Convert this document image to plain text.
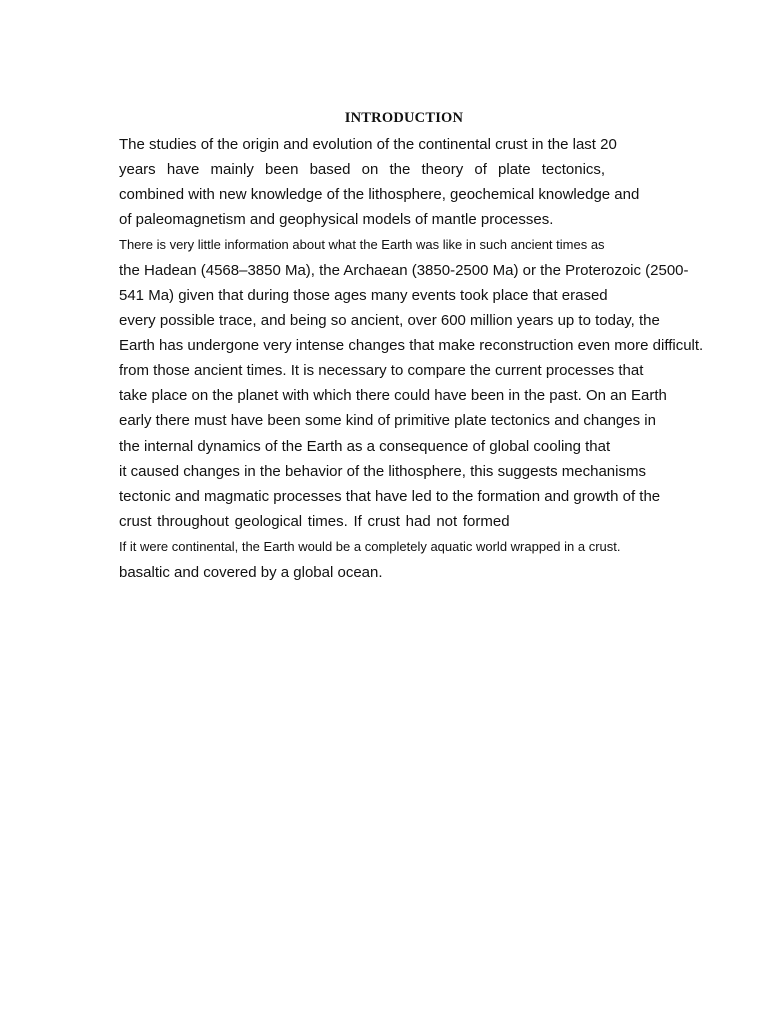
INTRODUCTION
The studies of the origin and evolution of the continental crust in the last 20
years have mainly been based on the theory of plate tectonics,
combined with new knowledge of the lithosphere, geochemical knowledge and
of paleomagnetism and geophysical models of mantle processes.
There is very little information about what the Earth was like in such ancient times as
the Hadean (4568–3850 Ma), the Archaean (3850-2500 Ma) or the Proterozoic (2500-
541 Ma) given that during those ages many events took place that erased
every possible trace, and being so ancient, over 600 million years up to today, the
Earth has undergone very intense changes that make reconstruction even more difficult.
from those ancient times. It is necessary to compare the current processes that
take place on the planet with which there could have been in the past. On an Earth
early there must have been some kind of primitive plate tectonics and changes in
the internal dynamics of the Earth as a consequence of global cooling that
it caused changes in the behavior of the lithosphere, this suggests mechanisms
tectonic and magmatic processes that have led to the formation and growth of the
crust throughout geological times. If crust had not formed
If it were continental, the Earth would be a completely aquatic world wrapped in a crust.
basaltic and covered by a global ocean.
